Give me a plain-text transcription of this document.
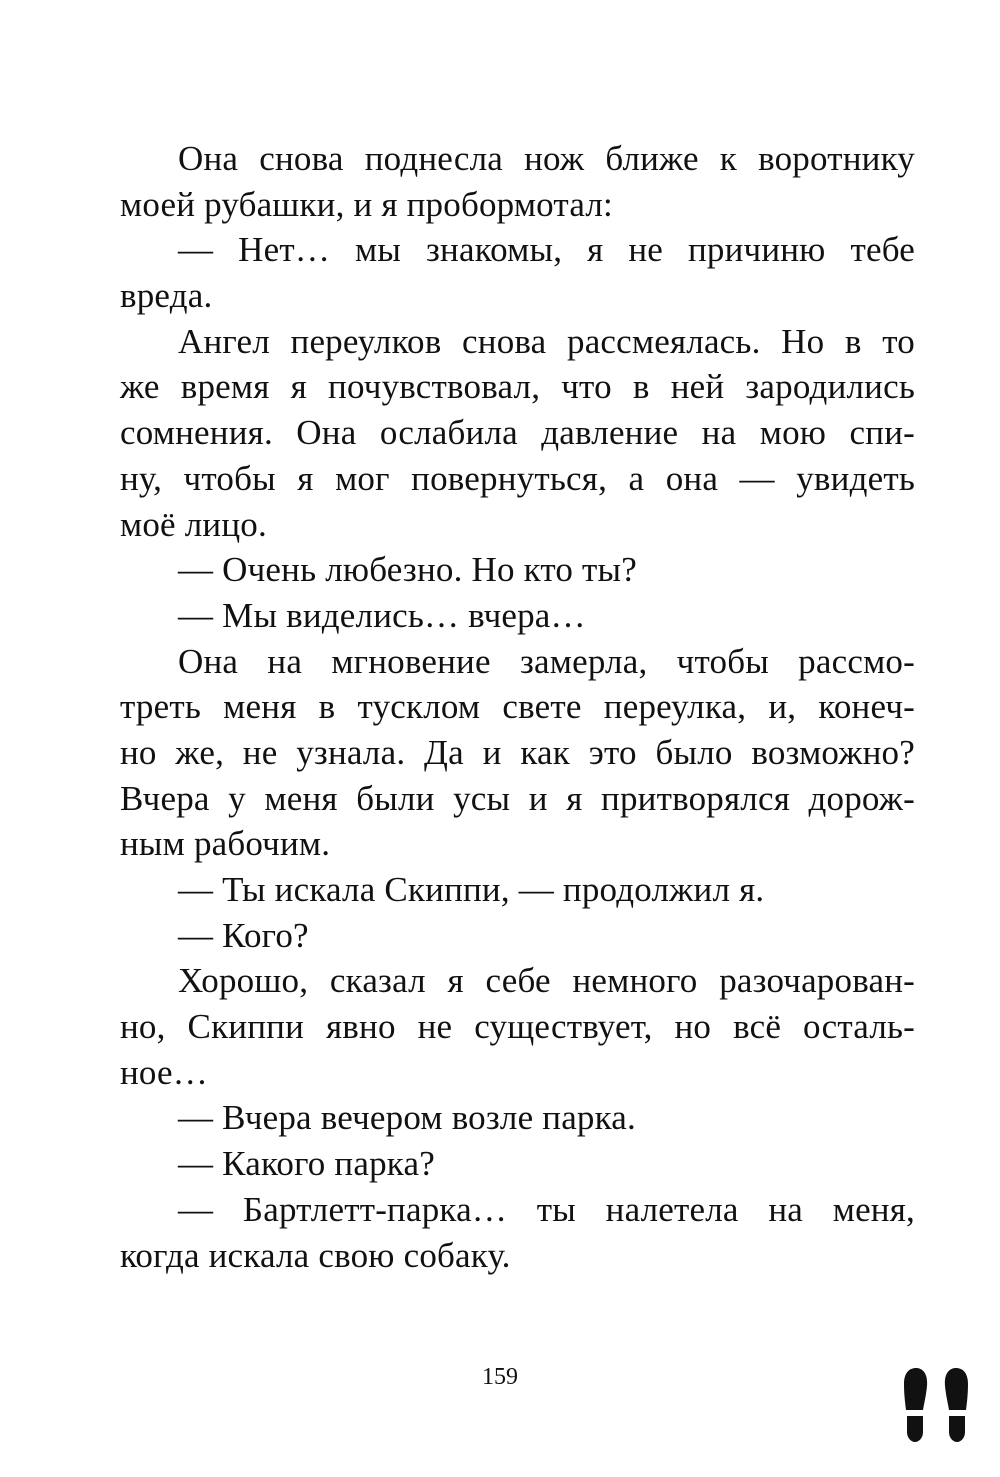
Она снова поднесла нож ближе к воротнику
моей рубашки, и я пробормотал:
— Нет… мы знакомы, я не причиню тебе
вреда.
Ангел переулков снова рассмеялась. Но в то
же время я почувствовал, что в ней зародились
сомнения. Она ослабила давление на мою спи-
ну, чтобы я мог повернуться, а она — увидеть
моё лицо.
— Очень любезно. Но кто ты?
— Мы виделись… вчера…
Она на мгновение замерла, чтобы рассмо-
треть меня в тусклом свете переулка, и, конеч-
но же, не узнала. Да и как это было возможно?
Вчера у меня были усы и я притворялся дорож-
ным рабочим.
— Ты искала Скиппи, — продолжил я.
— Кого?
Хорошо, сказал я себе немного разочарован-
но, Скиппи явно не существует, но всё осталь-
ное…
— Вчера вечером возле парка.
— Какого парка?
— Бартлетт-парка… ты налетела на меня,
когда искала свою собаку.
159
